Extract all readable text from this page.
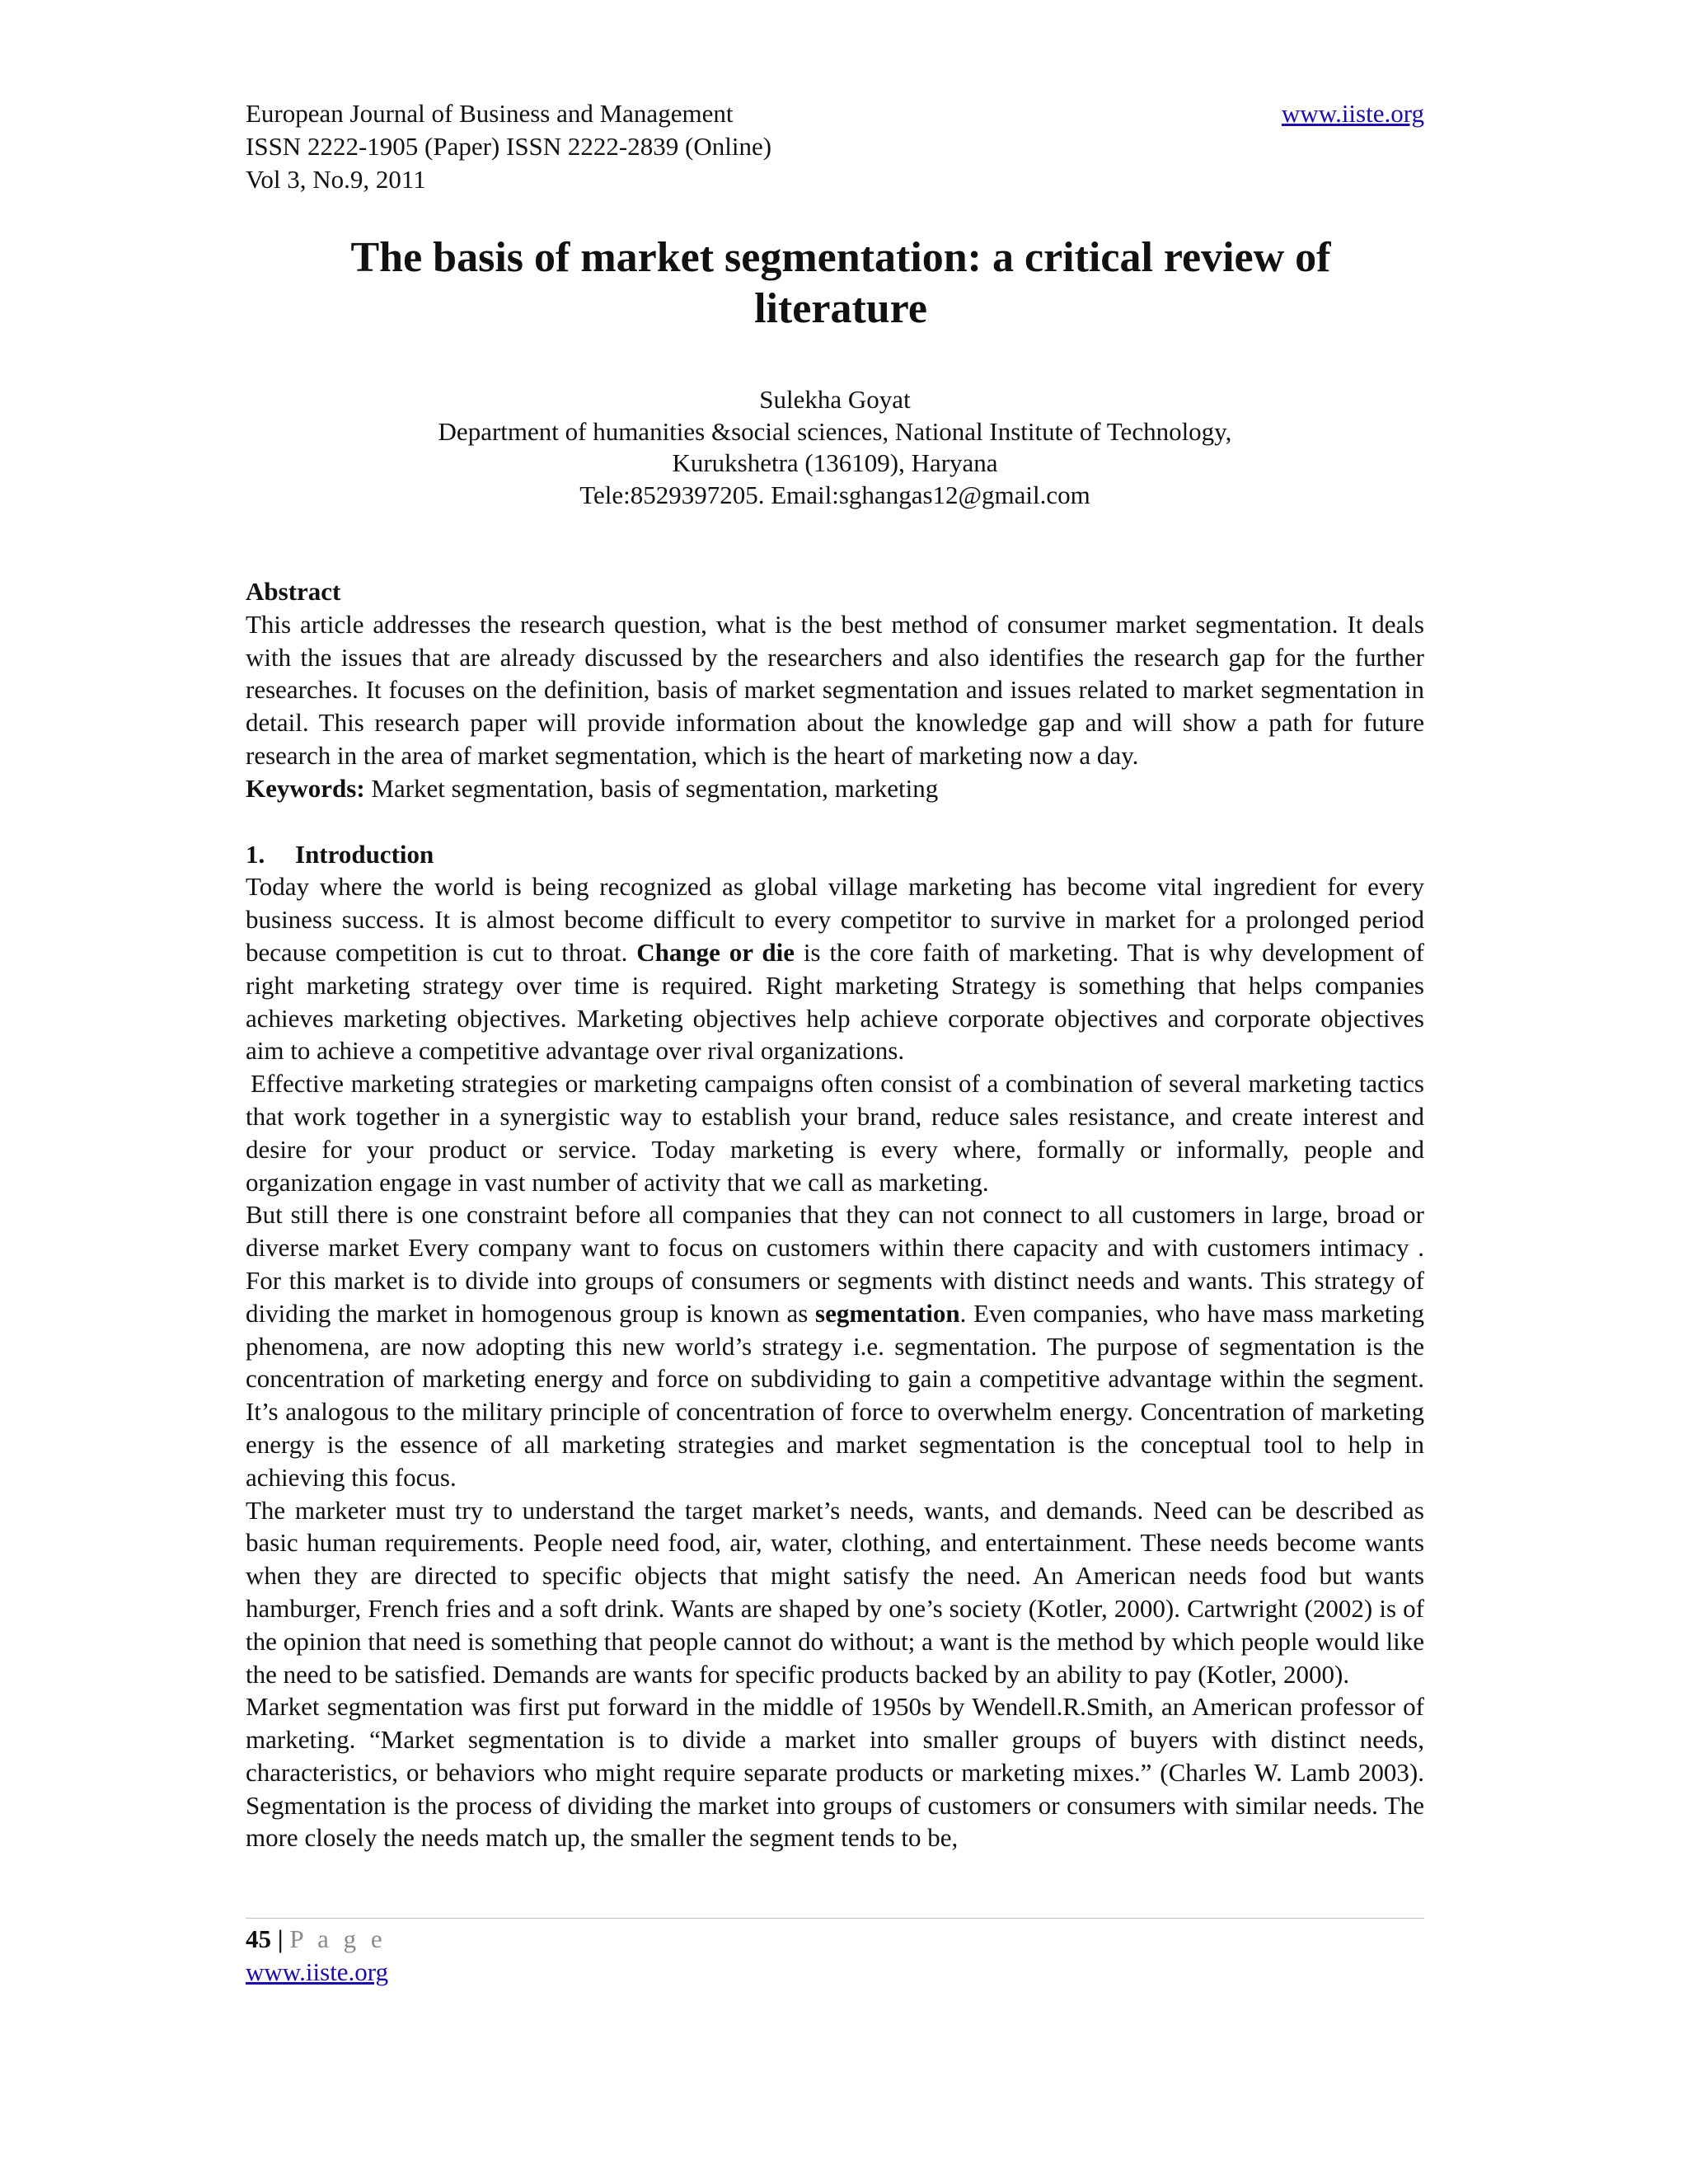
European Journal of Business and Management
ISSN 2222-1905 (Paper) ISSN 2222-2839 (Online)
Vol 3, No.9, 2011
www.iiste.org
The basis of market segmentation: a critical review of literature
Sulekha Goyat
Department of humanities &social sciences, National Institute of Technology,
Kurukshetra (136109), Haryana
Tele:8529397205. Email:sghangas12@gmail.com

Abstract

This article addresses the research question, what is the best method of consumer market segmentation. It deals with the issues that are already discussed by the researchers and also identifies the research gap for the further researches. It focuses on the definition, basis of market segmentation and issues related to market segmentation in detail. This research paper will provide information about the knowledge gap and will show a path for future research in the area of market segmentation, which is the heart of marketing now a day.

Keywords: Market segmentation, basis of segmentation, marketing

1. Introduction

Today where the world is being recognized as global village marketing has become vital ingredient for every business success. It is almost become difficult to every competitor to survive in market for a prolonged period because competition is cut to throat. Change or die is the core faith of marketing. That is why development of right marketing strategy over time is required. Right marketing Strategy is something that helps companies achieves marketing objectives. Marketing objectives help achieve corporate objectives and corporate objectives aim to achieve a competitive advantage over rival organizations.

Effective marketing strategies or marketing campaigns often consist of a combination of several marketing tactics that work together in a synergistic way to establish your brand, reduce sales resistance, and create interest and desire for your product or service. Today marketing is every where, formally or informally, people and organization engage in vast number of activity that we call as marketing.

But still there is one constraint before all companies that they can not connect to all customers in large, broad or diverse market Every company want to focus on customers within there capacity and with customers intimacy . For this market is to divide into groups of consumers or segments with distinct needs and wants. This strategy of dividing the market in homogenous group is known as segmentation. Even companies, who have mass marketing phenomena, are now adopting this new world’s strategy i.e. segmentation. The purpose of segmentation is the concentration of marketing energy and force on subdividing to gain a competitive advantage within the segment. It’s analogous to the military principle of concentration of force to overwhelm energy. Concentration of marketing energy is the essence of all marketing strategies and market segmentation is the conceptual tool to help in achieving this focus.

The marketer must try to understand the target market’s needs, wants, and demands. Need can be described as basic human requirements. People need food, air, water, clothing, and entertainment. These needs become wants when they are directed to specific objects that might satisfy the need. An American needs food but wants hamburger, French fries and a soft drink. Wants are shaped by one’s society (Kotler, 2000). Cartwright (2002) is of the opinion that need is something that people cannot do without; a want is the method by which people would like the need to be satisfied. Demands are wants for specific products backed by an ability to pay (Kotler, 2000).

Market segmentation was first put forward in the middle of 1950s by Wendell.R.Smith, an American professor of marketing. “Market segmentation is to divide a market into smaller groups of buyers with distinct needs, characteristics, or behaviors who might require separate products or marketing mixes.” (Charles W. Lamb 2003). Segmentation is the process of dividing the market into groups of customers or consumers with similar needs. The more closely the needs match up, the smaller the segment tends to be,

45 | P a g e
www.iiste.org
